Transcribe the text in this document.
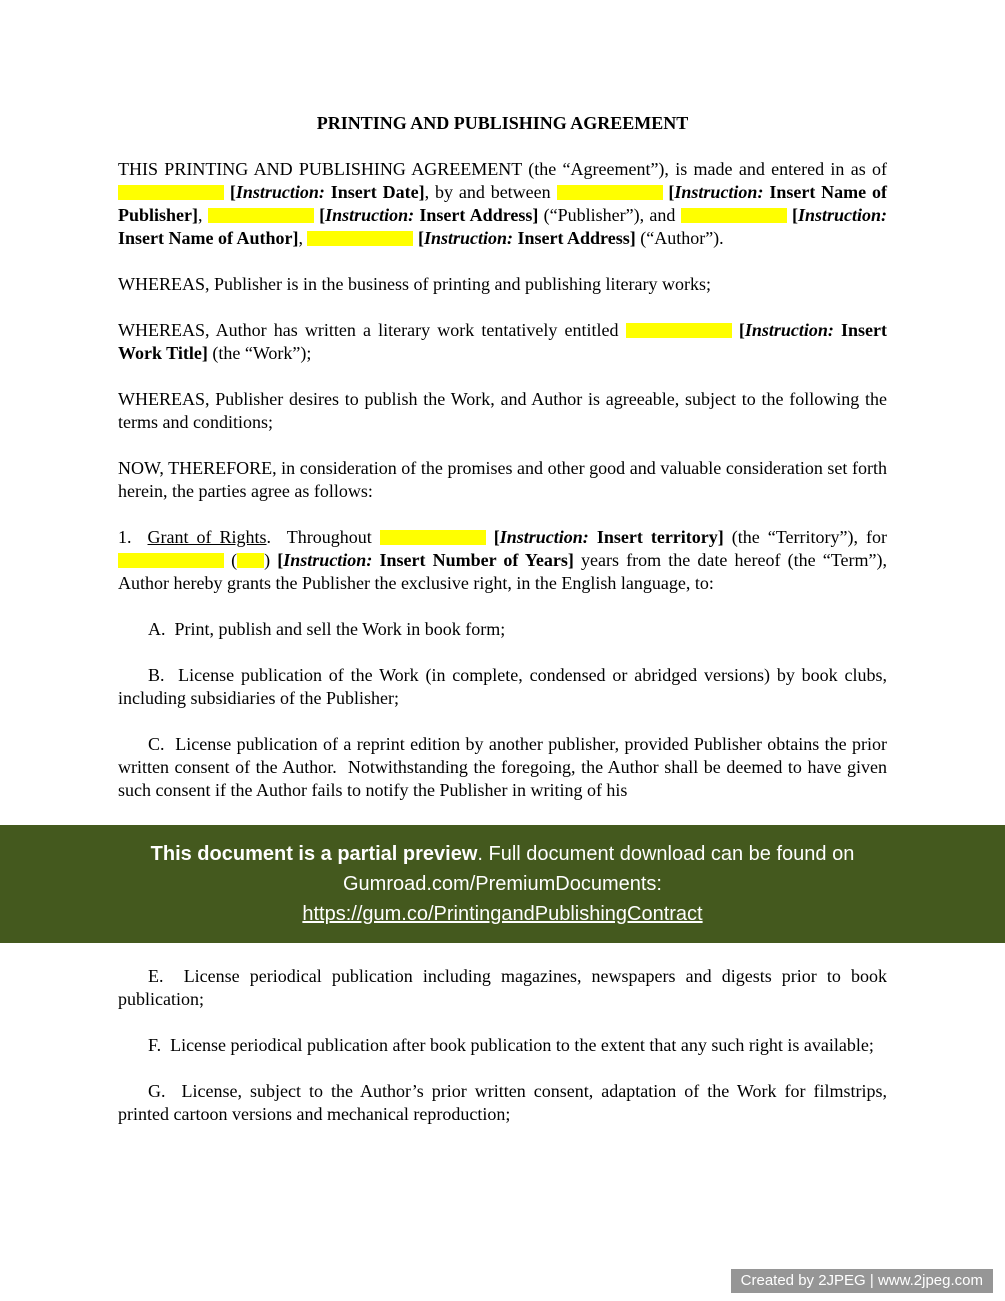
PRINTING AND PUBLISHING AGREEMENT

THIS PRINTING AND PUBLISHING AGREEMENT (the “Agreement”), is made and entered in as of  [Instruction: Insert Date], by and between	[Instruction: Insert Name of Publisher],	[Instruction: Insert Address] (“Publisher”), and	[Instruction: Insert Name of Author],	[Instruction: Insert Address] (“Author”).

WHEREAS, Publisher is in the business of printing and publishing literary works;

WHEREAS, Author has written a literary work tentatively entitled	[Instruction: Insert Work Title] (the “Work”);

WHEREAS, Publisher desires to publish the Work, and Author is agreeable, subject to the following the terms and conditions;

NOW, THEREFORE, in consideration of the promises and other good and valuable consideration set forth herein, the parties agree as follows:

1.  Grant of Rights.  Throughout	[Instruction: Insert territory] (the “Territory”), for  ( ) [Instruction: Insert Number of Years] years from the date hereof (the “Term”), Author hereby grants the Publisher the exclusive right, in the English language, to:

A.  Print, publish and sell the Work in book form;

B.  License publication of the Work (in complete, condensed or abridged versions) by book clubs, including subsidiaries of the Publisher;

C.  License publication of a reprint edition by another publisher, provided Publisher obtains the prior written consent of the Author.  Notwithstanding the foregoing, the Author shall be deemed to have given such consent if the Author fails to notify the Publisher in writing of his

This document is a partial preview. Full document download can be found on
Gumroad.com/PremiumDocuments:
https://gum.co/PrintingandPublishingContract

E.  License periodical publication including magazines, newspapers and digests prior to book publication;

F.  License periodical publication after book publication to the extent that any such right is available;

G.  License, subject to the Author’s prior written consent, adaptation of the Work for filmstrips, printed cartoon versions and mechanical reproduction;

Created by 2JPEG | www.2jpeg.com
